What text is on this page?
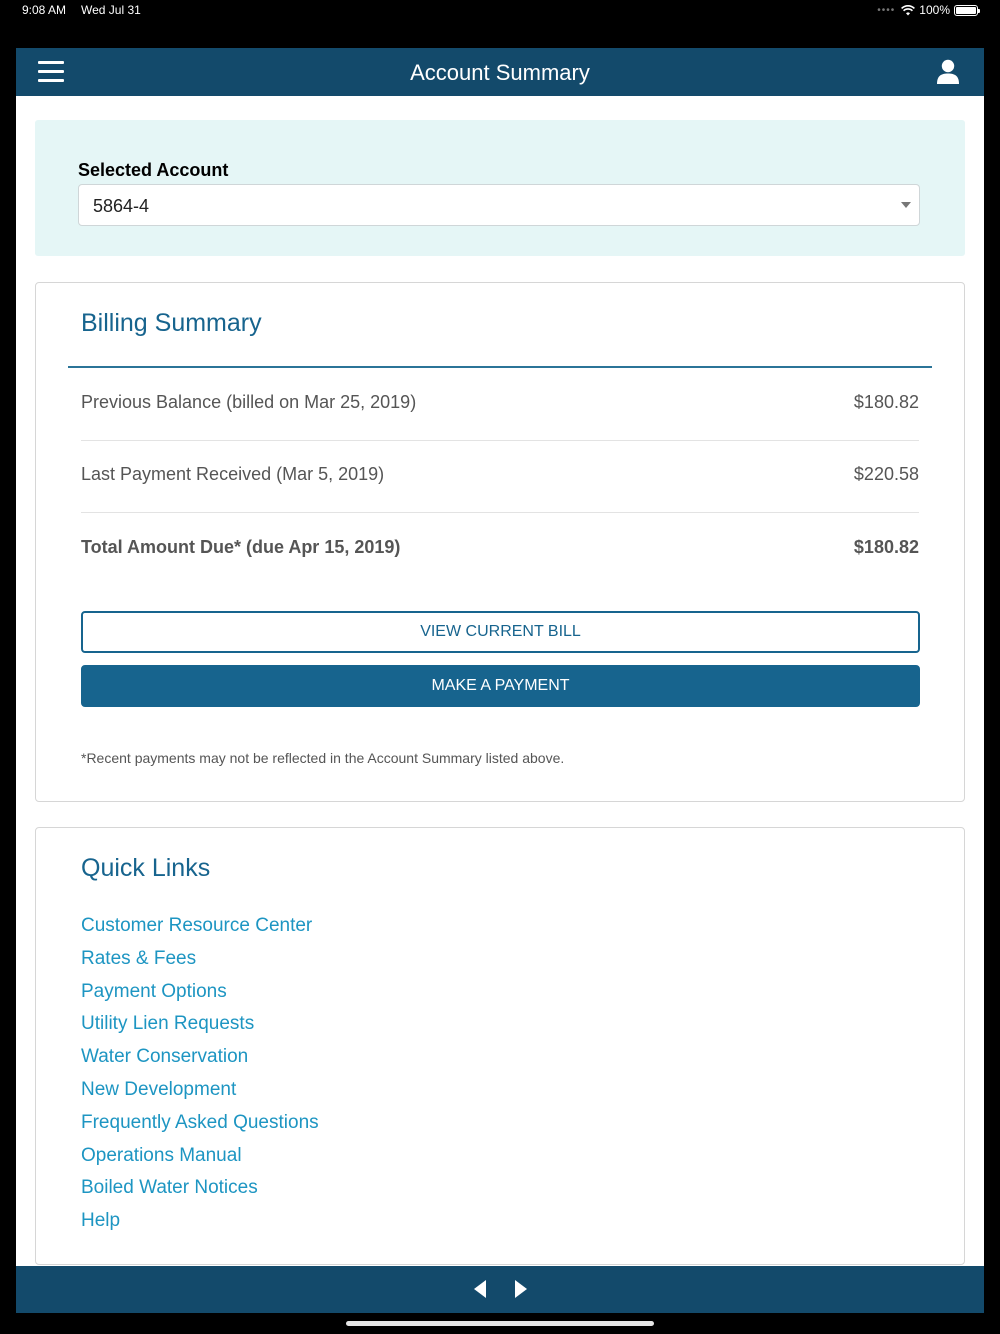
9:08 AM Wed Jul 31	•••• 100%
Account Summary
Selected Account
5864-4
Billing Summary
Previous Balance (billed on Mar 25, 2019)	$180.82
Last Payment Received (Mar 5, 2019)	$220.58
Total Amount Due* (due Apr 15, 2019)	$180.82
VIEW CURRENT BILL
MAKE A PAYMENT
*Recent payments may not be reflected in the Account Summary listed above.
Quick Links
Customer Resource Center
Rates & Fees
Payment Options
Utility Lien Requests
Water Conservation
New Development
Frequently Asked Questions
Operations Manual
Boiled Water Notices
Help
